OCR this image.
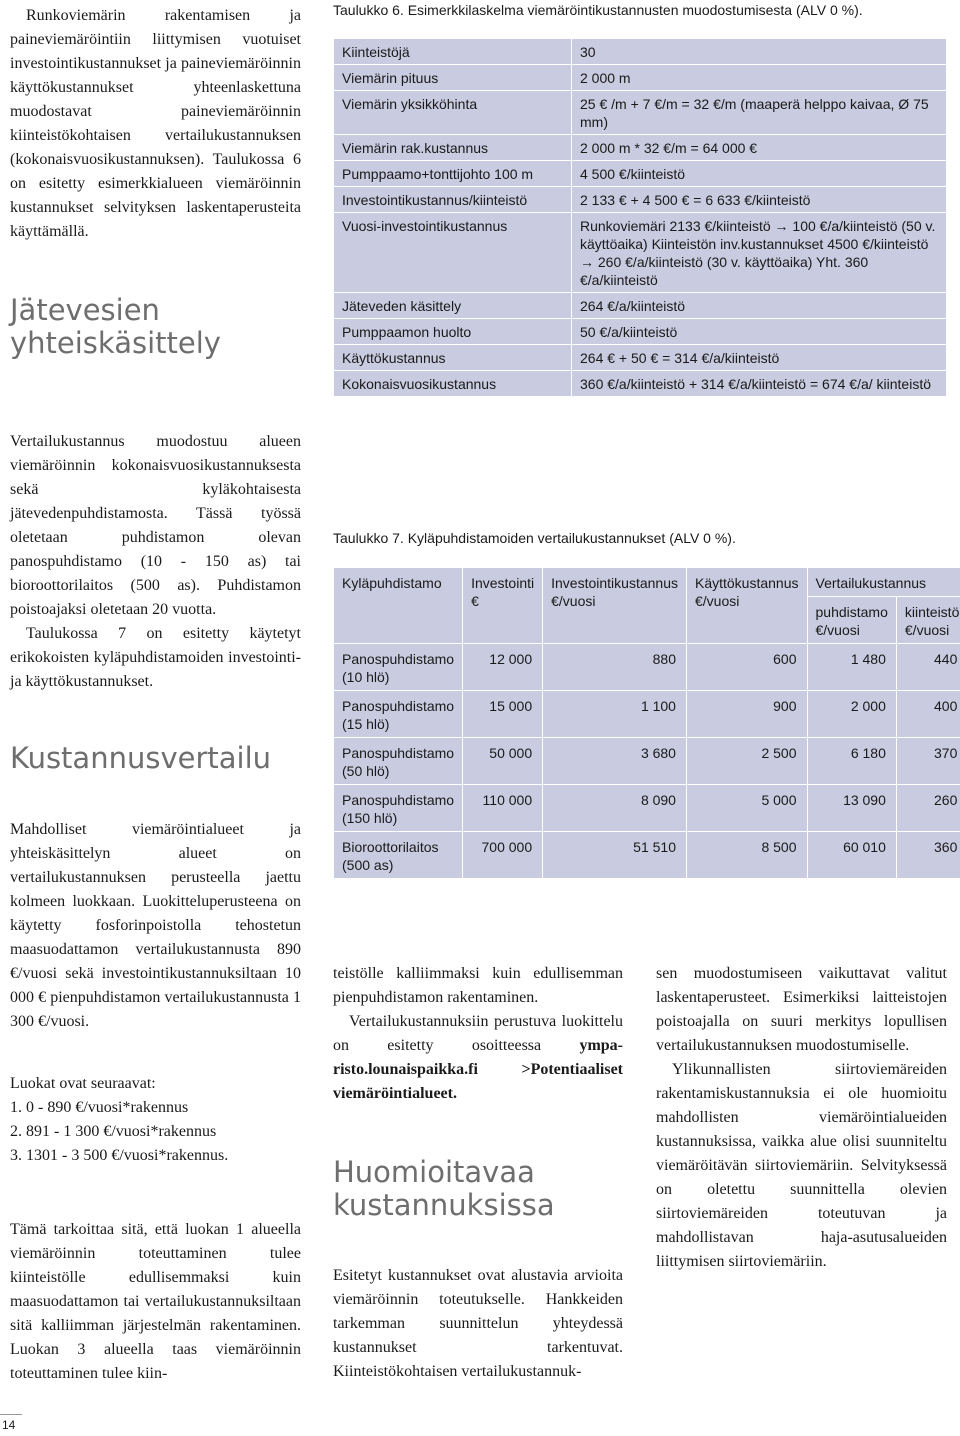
Runkoviemärin rakentamisen ja paineviemäröintiin liittymisen vuotuiset investointikustannukset ja paineviemäröinnin käyttökustannukset yhteenlaskettuna muodostavat paineviemäröinnin kiinteistökohtaisen vertailukustannuksen (kokonaisvuosikustannuksen). Taulukossa 6 on esitetty esimerkkialueen viemäröinnin kustannukset selvityksen laskentaperusteita käyttämällä.

Jätevesien
yhteiskäsittely

Vertailukustannus muodostuu alueen viemäröinnin kokonaisvuosikustannuksesta sekä kyläkohtaisesta jätevedenpuhdistamosta. Tässä työssä oletetaan puhdistamon olevan panospuhdistamo (10 - 150 as) tai bioroottorilaitos (500 as). Puhdistamon poistoajaksi oletetaan 20 vuotta.

Taulukossa 7 on esitetty käytetyt erikokoisten kyläpuhdistamoiden investointi- ja käyttökustannukset.

Kustannusvertailu

Mahdolliset viemäröintialueet ja yhteiskäsittelyn alueet on vertailukustannuksen perusteella jaettu kolmeen luokkaan. Luokitteluperusteena on käytetty fosforinpoistolla tehostetun maasuodattamon vertailukustannusta 890 €/vuosi sekä investointikustannuksiltaan 10 000 € pienpuhdistamon vertailukustannusta 1 300 €/vuosi.

Luokat ovat seuraavat:

1. 0 - 890 €/vuosi*rakennus

2. 891 - 1 300 €/vuosi*rakennus

3. 1301 - 3 500 €/vuosi*rakennus.

Tämä tarkoittaa sitä, että luokan 1 alueella viemäröinnin toteuttaminen tulee kiinteistölle edullisemmaksi kuin maasuodattamon tai vertailukustannuksiltaan sitä kalliimman järjestelmän rakentaminen. Luokan 3 alueella taas viemäröinnin toteuttaminen tulee kiin-

Taulukko 6. Esimerkkilaskelma viemäröintikustannusten muodostumisesta (ALV 0 %).

Kiinteistöjä	30
Viemärin pituus	2 000 m
Viemärin yksikköhinta	25 € /m + 7 €/m = 32 €/m (maaperä helppo kaivaa, Ø 75 mm)
Viemärin rak.kustannus	2 000 m * 32 €/m = 64 000 €
Pumppaamo+tonttijohto 100 m	4 500 €/kiinteistö
Investointikustannus/kiinteistö	2 133 € + 4 500 € = 6 633 €/kiinteistö
Vuosi-investointikustannus	Runkoviemäri 2133 €/kiinteistö → 100 €/a/kiinteistö (50 v. käyttöaika) Kiinteistön inv.kustannukset 4500 €/kiinteistö → 260 €/a/kiinteistö (30 v. käyttöaika) Yht. 360 €/a/kiinteistö
Jäteveden käsittely	264 €/a/kiinteistö
Pumppaamon huolto	50 €/a/kiinteistö
Käyttökustannus	264 € + 50 € = 314 €/a/kiinteistö
Kokonaisvuosikustannus	360 €/a/kiinteistö + 314 €/a/kiinteistö = 674 €/a/ kiinteistö

Taulukko 7. Kyläpuhdistamoiden vertailukustannukset (ALV 0 %).

Kyläpuhdistamo	Investointi €	Investointikustannus €/vuosi	Käyttökustannus €/vuosi	Vertailukustannus	
				puhdistamo €/vuosi	kiinteistö €/vuosi
Panospuhdistamo (10 hlö)	12 000	880	600	1 480	440
Panospuhdistamo (15 hlö)	15 000	1 100	900	2 000	400
Panospuhdistamo (50 hlö)	50 000	3 680	2 500	6 180	370
Panospuhdistamo (150 hlö)	110 000	8 090	5 000	13 090	260
Bioroottorilaitos (500 as)	700 000	51 510	8 500	60 010	360

teistölle kalliimmaksi kuin edullisemman pienpuhdistamon rakentaminen.

Vertailukustannuksiin perustuva luokittelu on esitetty osoitteessa ympa-risto.lounaispaikka.fi >Potentiaaliset viemäröintialueet.

Huomioitavaa
kustannuksissa

Esitetyt kustannukset ovat alustavia arvioita viemäröinnin toteutukselle. Hankkeiden tarkemman suunnittelun yhteydessä kustannukset tarkentuvat. Kiinteistökohtaisen vertailukustannuk-

sen muodostumiseen vaikuttavat valitut laskentaperusteet. Esimerkiksi laitteistojen poistoajalla on suuri merkitys lopullisen vertailukustannuksen muodostumiselle.

Ylikunnallisten siirtoviemäreiden rakentamiskustannuksia ei ole huomioitu mahdollisten viemäröintialueiden kustannuksissa, vaikka alue olisi suunniteltu viemäröitävän siirtoviemäriin. Selvityksessä on oletettu suunnittella olevien siirtoviemäreiden toteutuvan ja mahdollistavan haja-asutusalueiden liittymisen siirtoviemäriin.

14
